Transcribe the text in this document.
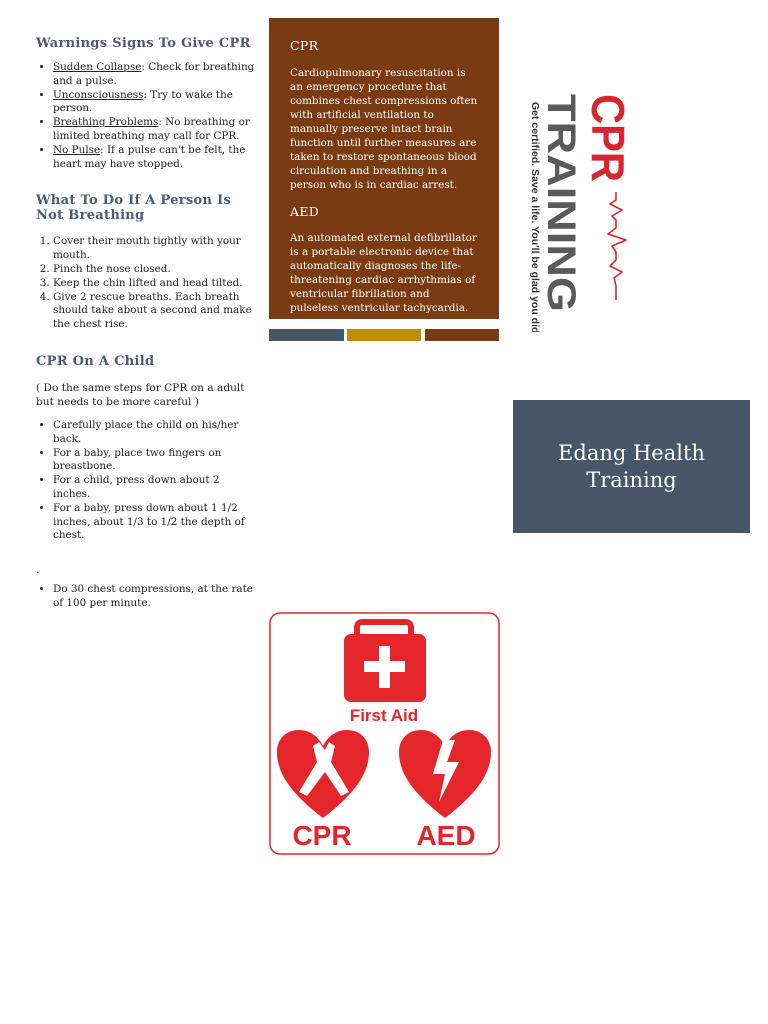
Warnings Signs To Give CPR
• Sudden Collapse: Check for breathing and a pulse.
• Unconsciousness: Try to wake the person.
• Breathing Problems: No breathing or limited breathing may call for CPR.
• No Pulse: If a pulse can't be felt, the heart may have stopped.
What To Do If A Person Is Not Breathing
1. Cover their mouth tightly with your mouth.
2. Pinch the nose closed.
3. Keep the chin lifted and head tilted.
4. Give 2 rescue breaths. Each breath should take about a second and make the chest rise.
CPR On A Child

( Do the same steps for CPR on a adult but needs to be more careful )

• Carefully place the child on his/her back.
• For a baby, place two fingers on breastbone.
• For a child, press down about 2 inches.
• For a baby, press down about 1 1/2 inches, about 1/3 to 1/2 the depth of chest.
.
• Do 30 chest compressions, at the rate of 100 per minute.
CPR

Cardiopulmonary resuscitation is an emergency procedure that combines chest compressions often with artificial ventilation to manually preserve intact brain function until further measures are taken to restore spontaneous blood circulation and breathing in a person who is in cardiac arrest.

AED

An automated external defibrillator is a portable electronic device that automatically diagnoses the life-threatening cardiac arrhythmias of ventricular fibrillation and pulseless ventricular tachycardia.	Get certified. Save a life. You'll be glad you did.
TRAINING CPR
Edang Health
Training
First Aid
CPR AED
